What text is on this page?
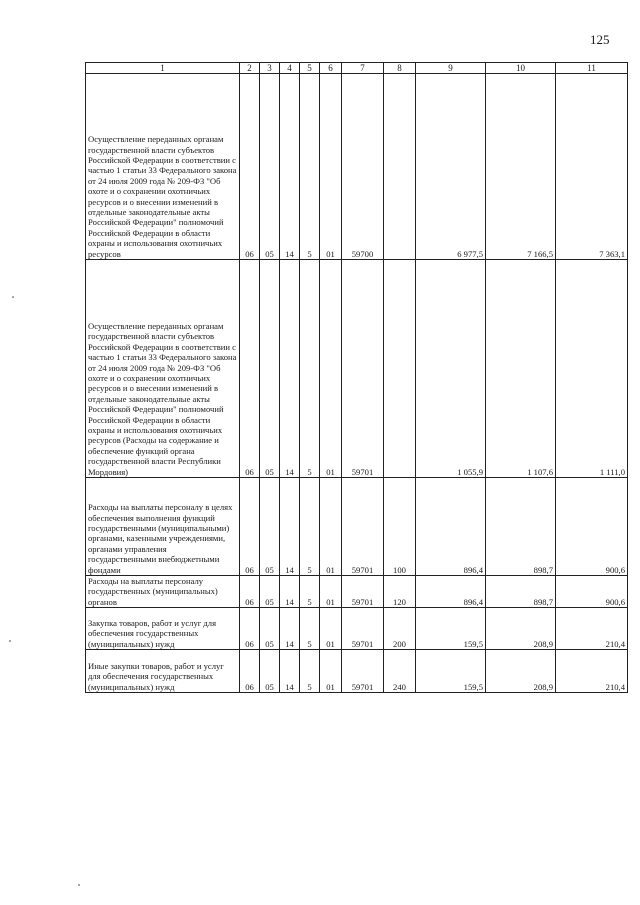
125
1	2	3	4	5	6	7	8	9	10	11

Осуществление переданных органам государственной власти субъектов Российской Федерации в соответствии с частью 1 статьи 33 Федерального закона от 24 июля 2009 года № 209-ФЗ "Об охоте и о сохранении охотничьих ресурсов и о внесении изменений в отдельные законодательные акты Российской Федерации" полномочий Российской Федерации в области охраны и использования охотничьих ресурсов	06	05	14	5	01	59700		6 977,5	7 166,5	7 363,1

Осуществление переданных органам государственной власти субъектов Российской Федерации в соответствии с частью 1 статьи 33 Федерального закона от 24 июля 2009 года № 209-ФЗ "Об охоте и о сохранении охотничьих ресурсов и о внесении изменений в отдельные законодательные акты Российской Федерации" полномочий Российской Федерации в области охраны и использования охотничьих ресурсов (Расходы на содержание и обеспечение функций органа государственной власти Республики Мордовия)	06	05	14	5	01	59701		1 055,9	1 107,6	1 111,0

Расходы на выплаты персоналу в целях обеспечения выполнения функций государственными (муниципальными) органами, казенными учреждениями, органами управления государственными внебюджетными фондами	06	05	14	5	01	59701	100	896,4	898,7	900,6

Расходы на выплаты персоналу государственных (муниципальных) органов	06	05	14	5	01	59701	120	896,4	898,7	900,6

Закупка товаров, работ и услуг для обеспечения государственных (муниципальных) нужд	06	05	14	5	01	59701	200	159,5	208,9	210,4

Иные закупки товаров, работ и услуг для обеспечения государственных (муниципальных) нужд	06	05	14	5	01	59701	240	159,5	208,9	210,4
